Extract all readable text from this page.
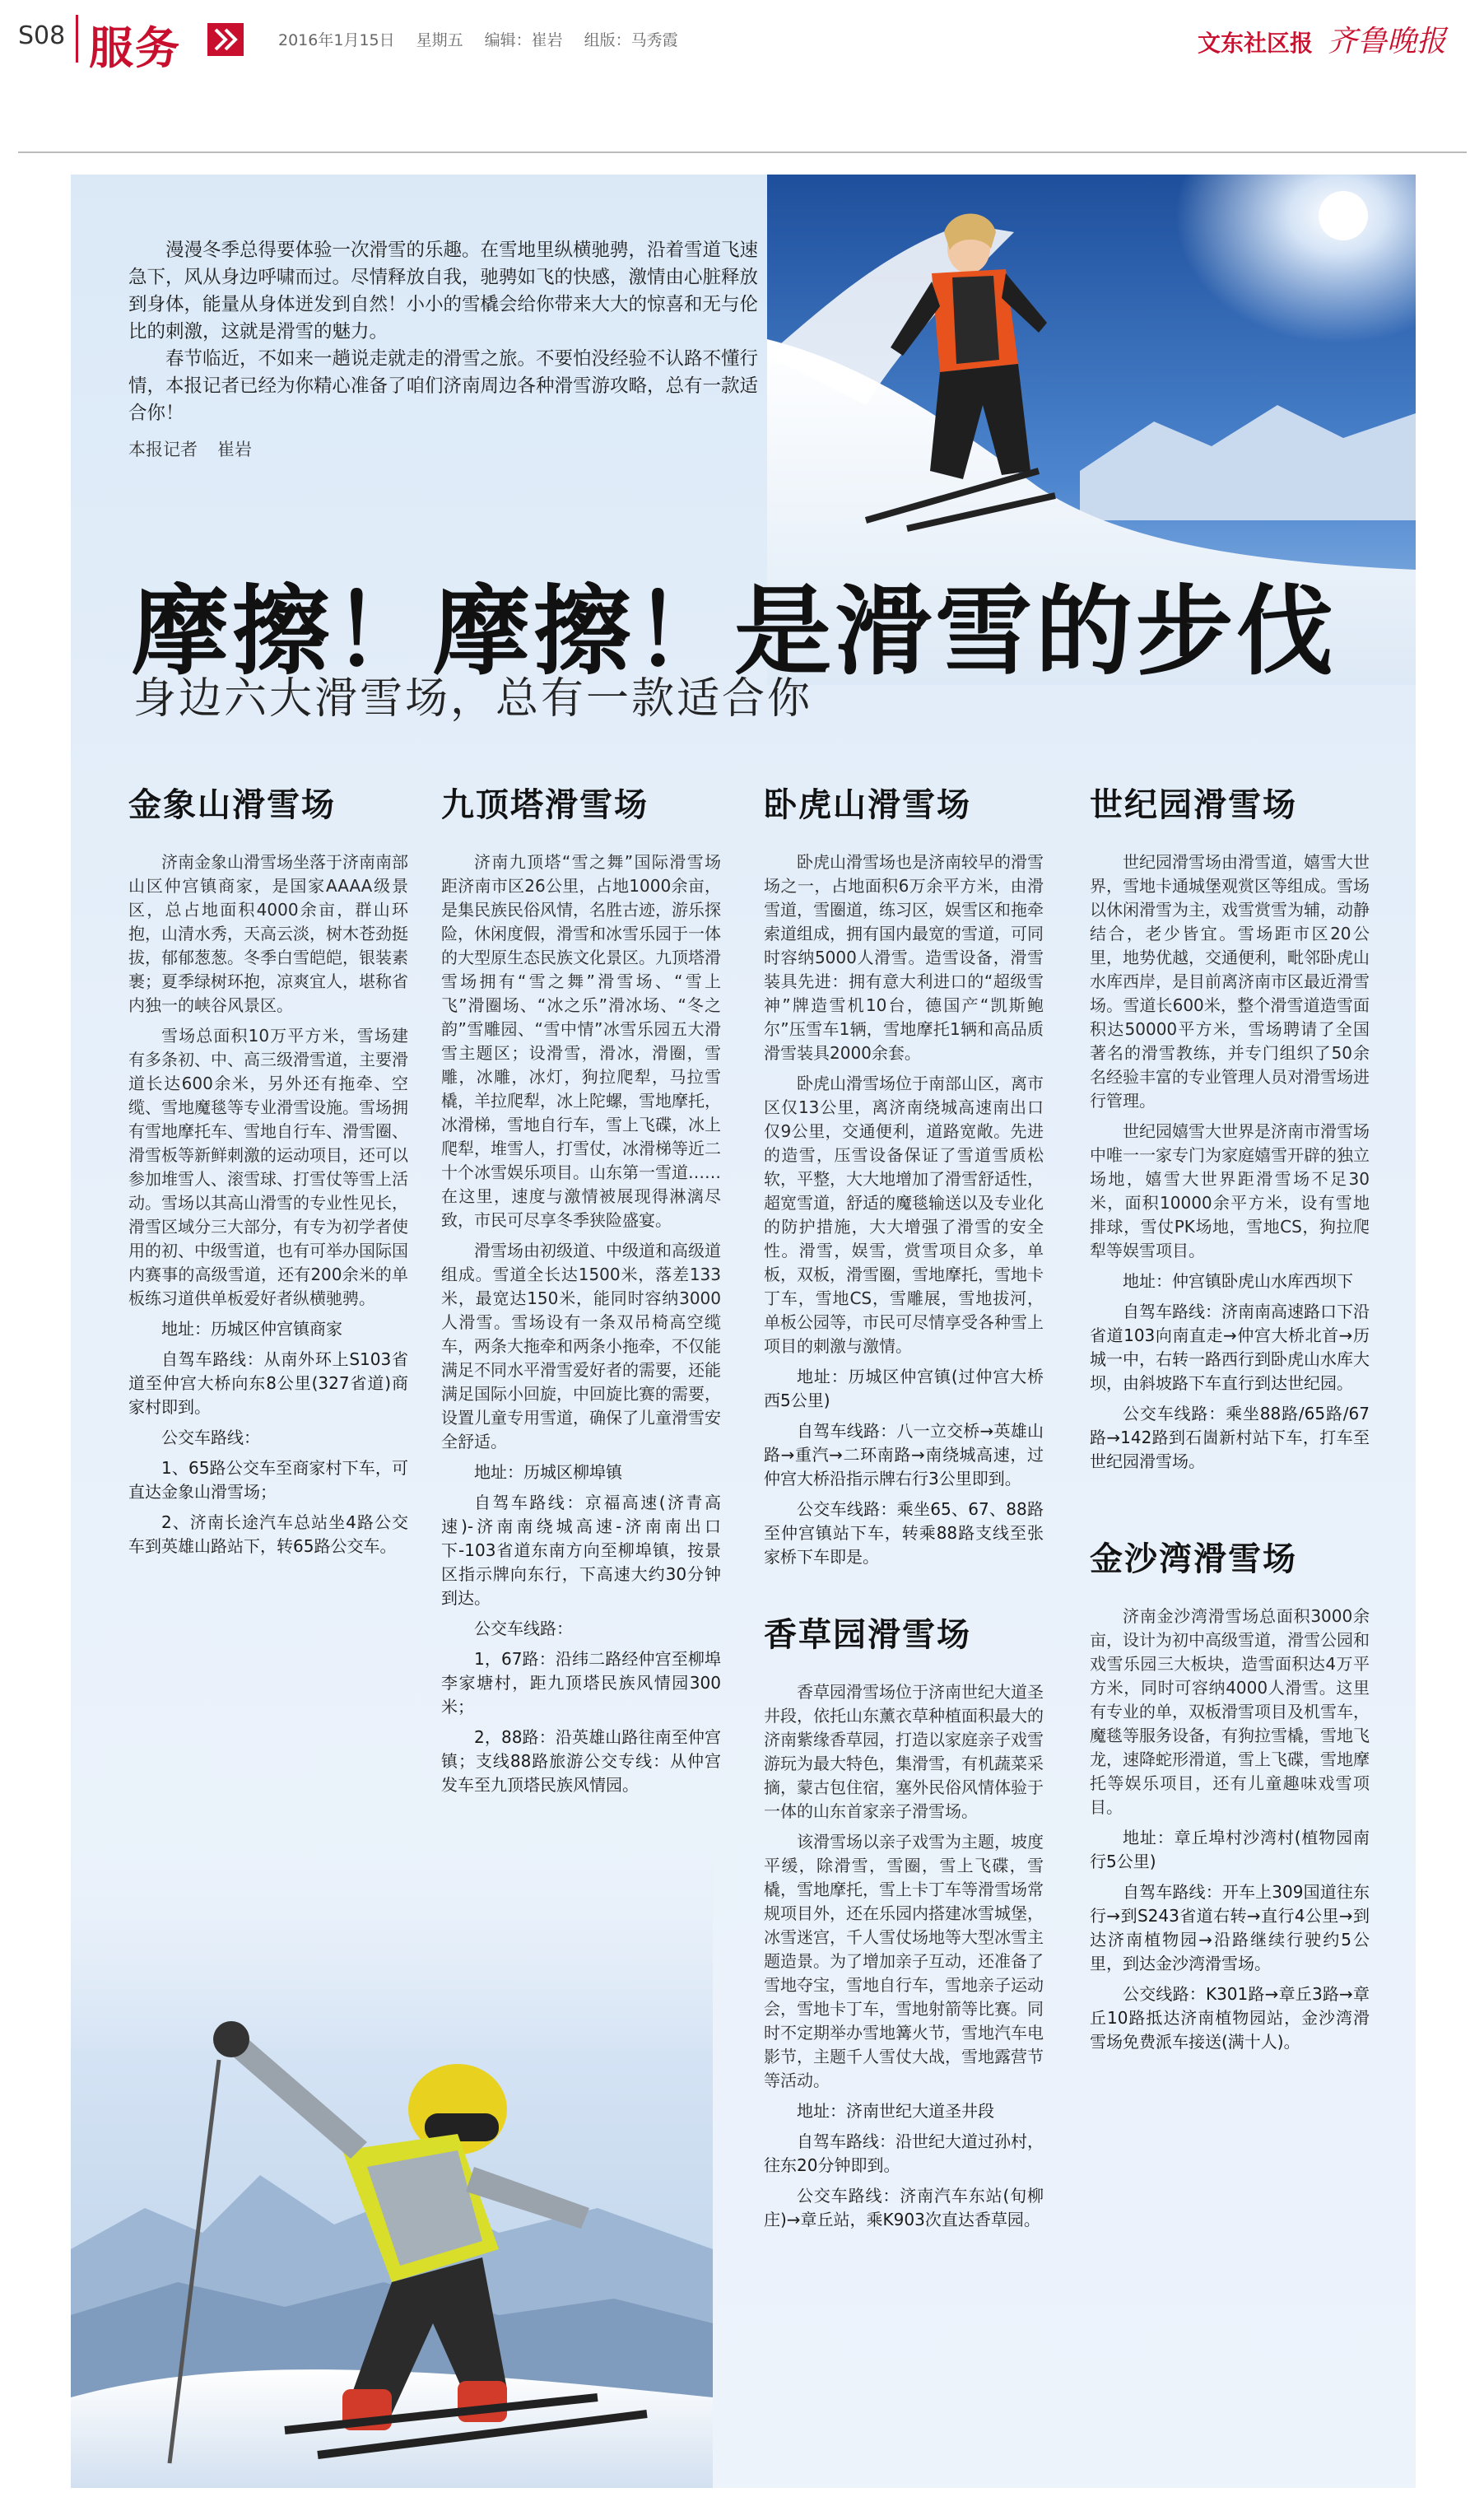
S08 服务	2016年1月15日 星期五 编辑：崔岩 组版：马秀霞	文东社区报 齐鲁晚报

漫漫冬季总得要体验一次滑雪的乐趣。在雪地里纵横驰骋，沿着雪道飞速急下，风从身边呼啸而过。尽情释放自我，驰骋如飞的快感，激情由心脏释放到身体，能量从身体迸发到自然！小小的雪橇会给你带来大大的惊喜和无与伦比的刺激，这就是滑雪的魅力。

春节临近，不如来一趟说走就走的滑雪之旅。不要怕没经验不认路不懂行情，本报记者已经为你精心准备了咱们济南周边各种滑雪游攻略，总有一款适合你！

本报记者 崔岩
摩擦！摩擦！是滑雪的步伐
身边六大滑雪场，总有一款适合你
金象山滑雪场

济南金象山滑雪场坐落于济南南部山区仲宫镇商家，是国家AAAA级景区，总占地面积4000余亩，群山环抱，山清水秀，天高云淡，树木苍劲挺拔，郁郁葱葱。冬季白雪皑皑，银装素裹；夏季绿树环抱，凉爽宜人，堪称省内独一的峡谷风景区。

雪场总面积10万平方米，雪场建有多条初、中、高三级滑雪道，主要滑道长达600余米，另外还有拖牵、空缆、雪地魔毯等专业滑雪设施。雪场拥有雪地摩托车、雪地自行车、滑雪圈、滑雪板等新鲜刺激的运动项目，还可以参加堆雪人、滚雪球、打雪仗等雪上活动。雪场以其高山滑雪的专业性见长，滑雪区域分三大部分，有专为初学者使用的初、中级雪道，也有可举办国际国内赛事的高级雪道，还有200余米的单板练习道供单板爱好者纵横驰骋。

地址：历城区仲宫镇商家

自驾车路线：从南外环上S103省道至仲宫大桥向东8公里(327省道)商家村即到。

公交车路线：

1、65路公交车至商家村下车，可直达金象山滑雪场；

2、济南长途汽车总站坐4路公交车到英雄山路站下，转65路公交车。

九顶塔滑雪场

济南九顶塔“雪之舞”国际滑雪场距济南市区26公里，占地1000余亩，是集民族民俗风情，名胜古迹，游乐探险，休闲度假，滑雪和冰雪乐园于一体的大型原生态民族文化景区。九顶塔滑雪场拥有“雪之舞”滑雪场、“雪上飞”滑圈场、“冰之乐”滑冰场、“冬之韵”雪雕园、“雪中情”冰雪乐园五大滑雪主题区；设滑雪，滑冰，滑圈，雪雕，冰雕，冰灯，狗拉爬犁，马拉雪橇，羊拉爬犁，冰上陀螺，雪地摩托，冰滑梯，雪地自行车，雪上飞碟，冰上爬犁，堆雪人，打雪仗，冰滑梯等近二十个冰雪娱乐项目。山东第一雪道……在这里，速度与激情被展现得淋漓尽致，市民可尽享冬季狭险盛宴。

滑雪场由初级道、中级道和高级道组成。雪道全长达1500米，落差133米，最宽达150米，能同时容纳3000人滑雪。雪场设有一条双吊椅高空缆车，两条大拖牵和两条小拖牵，不仅能满足不同水平滑雪爱好者的需要，还能满足国际小回旋，中回旋比赛的需要，设置儿童专用雪道，确保了儿童滑雪安全舒适。

地址：历城区柳埠镇

自驾车路线：京福高速(济青高速)-济南南绕城高速-济南南出口下-103省道东南方向至柳埠镇，按景区指示牌向东行，下高速大约30分钟到达。

公交车线路：

1，67路：沿纬二路经仲宫至柳埠李家塘村，距九顶塔民族风情园300米；

2，88路：沿英雄山路往南至仲宫镇；支线88路旅游公交专线：从仲宫发车至九顶塔民族风情园。

卧虎山滑雪场

卧虎山滑雪场也是济南较早的滑雪场之一，占地面积6万余平方米，由滑雪道，雪圈道，练习区，娱雪区和拖牵索道组成，拥有国内最宽的雪道，可同时容纳5000人滑雪。造雪设备，滑雪装具先进：拥有意大利进口的“超级雪神”牌造雪机10台，德国产“凯斯鲍尔”压雪车1辆，雪地摩托1辆和高品质滑雪装具2000余套。

卧虎山滑雪场位于南部山区，离市区仅13公里，离济南绕城高速南出口仅9公里，交通便利，道路宽敞。先进的造雪，压雪设备保证了雪道雪质松软，平整，大大地增加了滑雪舒适性，超宽雪道，舒适的魔毯输送以及专业化的防护措施，大大增强了滑雪的安全性。滑雪，娱雪，赏雪项目众多，单板，双板，滑雪圈，雪地摩托，雪地卡丁车，雪地CS，雪雕展，雪地拔河，单板公园等，市民可尽情享受各种雪上项目的刺激与激情。

地址：历城区仲宫镇(过仲宫大桥西5公里)

自驾车线路：八一立交桥→英雄山路→重汽→二环南路→南绕城高速，过仲宫大桥沿指示牌右行3公里即到。

公交车线路：乘坐65、67、88路至仲宫镇站下车，转乘88路支线至张家桥下车即是。

世纪园滑雪场

世纪园滑雪场由滑雪道，嬉雪大世界，雪地卡通城堡观赏区等组成。雪场以休闲滑雪为主，戏雪赏雪为辅，动静结合，老少皆宜。雪场距市区20公里，地势优越，交通便利，毗邻卧虎山水库西岸，是目前离济南市区最近滑雪场。雪道长600米，整个滑雪道造雪面积达50000平方米，雪场聘请了全国著名的滑雪教练，并专门组织了50余名经验丰富的专业管理人员对滑雪场进行管理。

世纪园嬉雪大世界是济南市滑雪场中唯一一家专门为家庭嬉雪开辟的独立场地，嬉雪大世界距滑雪场不足30米，面积10000余平方米，设有雪地排球，雪仗PK场地，雪地CS，狗拉爬犁等娱雪项目。

地址：仲宫镇卧虎山水库西坝下

自驾车路线：济南南高速路口下沿省道103向南直走→仲宫大桥北首→历城一中，右转一路西行到卧虎山水库大坝，由斜坡路下车直行到达世纪园。

公交车线路：乘坐88路/65路/67路→142路到石崮新村站下车，打车至世纪园滑雪场。

香草园滑雪场

香草园滑雪场位于济南世纪大道圣井段，依托山东薰衣草种植面积最大的济南紫缘香草园，打造以家庭亲子戏雪游玩为最大特色，集滑雪，有机蔬菜采摘，蒙古包住宿，塞外民俗风情体验于一体的山东首家亲子滑雪场。

该滑雪场以亲子戏雪为主题，坡度平缓，除滑雪，雪圈，雪上飞碟，雪橇，雪地摩托，雪上卡丁车等滑雪场常规项目外，还在乐园内搭建冰雪城堡，冰雪迷宫，千人雪仗场地等大型冰雪主题造景。为了增加亲子互动，还准备了雪地夺宝，雪地自行车，雪地亲子运动会，雪地卡丁车，雪地射箭等比赛。同时不定期举办雪地篝火节，雪地汽车电影节，主题千人雪仗大战，雪地露营节等活动。

地址：济南世纪大道圣井段

自驾车路线：沿世纪大道过孙村，往东20分钟即到。

公交车路线：济南汽车东站(旬柳庄)→章丘站，乘K903次直达香草园。

金沙湾滑雪场

济南金沙湾滑雪场总面积3000余亩，设计为初中高级雪道，滑雪公园和戏雪乐园三大板块，造雪面积达4万平方米，同时可容纳4000人滑雪。这里有专业的单，双板滑雪项目及机雪车，魔毯等服务设备，有狗拉雪橇，雪地飞龙，速降蛇形滑道，雪上飞碟，雪地摩托等娱乐项目，还有儿童趣味戏雪项目。

地址：章丘埠村沙湾村(植物园南行5公里)

自驾车路线：开车上309国道往东行→到S243省道右转→直行4公里→到达济南植物园→沿路继续行驶约5公里，到达金沙湾滑雪场。

公交线路：K301路→章丘3路→章丘10路抵达济南植物园站，金沙湾滑雪场免费派车接送(满十人)。
